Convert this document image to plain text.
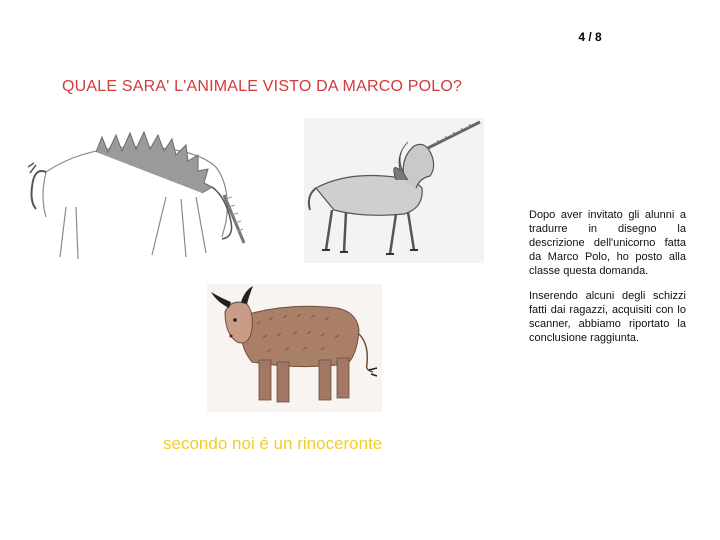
4 / 8
QUALE SARA' L'ANIMALE VISTO DA MARCO POLO?
Dopo aver invitato gli alunni a tradurre in disegno la descrizione dell'unicorno fatta da Marco Polo, ho posto alla classe questa domanda.
Inserendo alcuni degli schizzi fatti dai ragazzi, acquisiti con lo scanner, abbiamo riportato la conclusione raggiunta.
secondo noi é un rinoceronte
